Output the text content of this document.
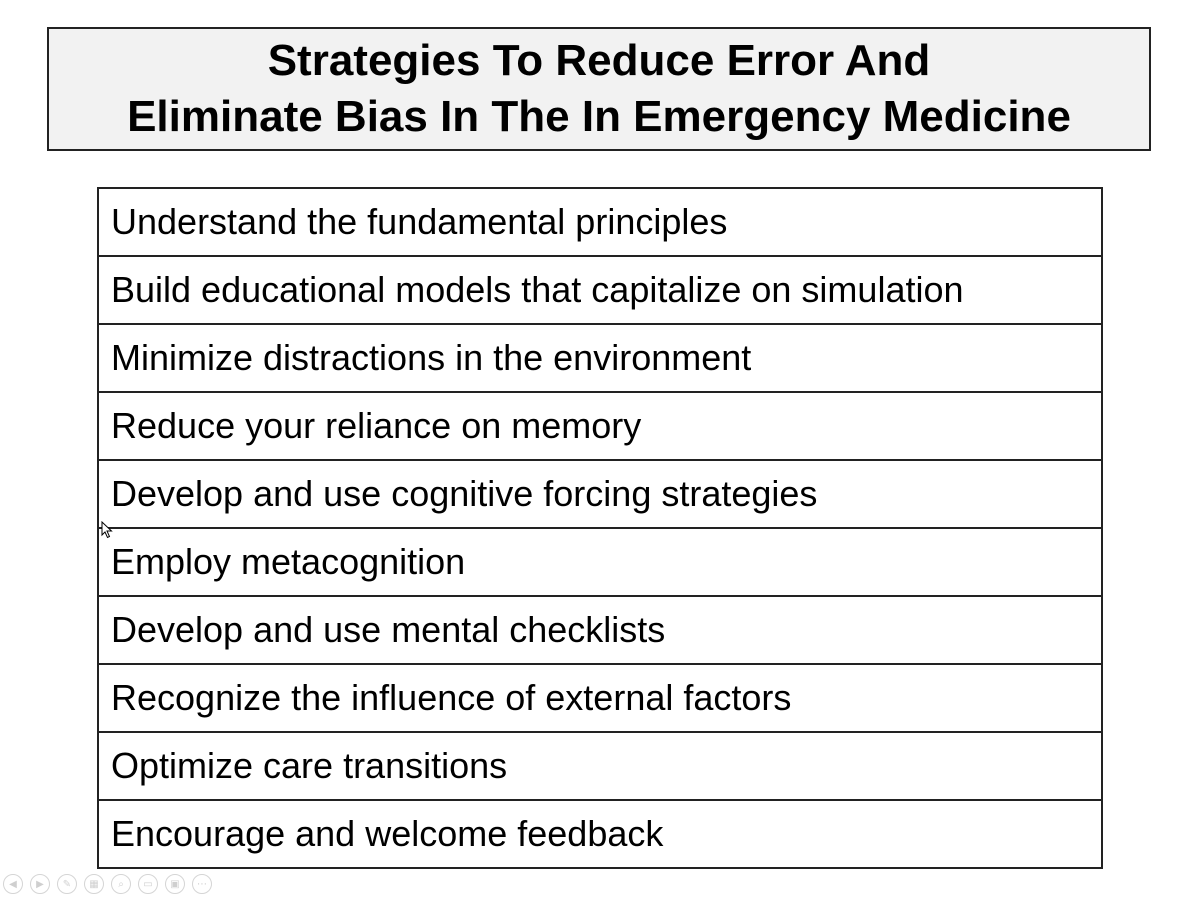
Strategies To Reduce Error And
Eliminate Bias In The In Emergency Medicine
Understand the fundamental principles
Build educational models that capitalize on simulation
Minimize distractions in the environment
Reduce your reliance on memory
Develop and use cognitive forcing strategies
Employ metacognition
Develop and use mental checklists
Recognize the influence of external factors
Optimize care transitions
Encourage and welcome feedback
◀	▶	✎	▦	⌕	▭	▣	⋯
